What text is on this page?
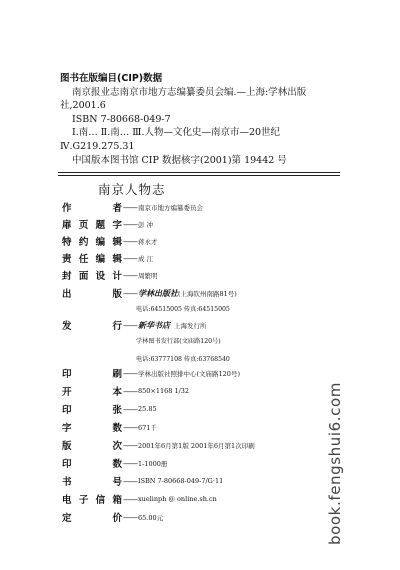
图书在版编目(CIP)数据
南京报业志南京市地方志编纂委员会编.—上海:学林出版
社,2001.6
ISBN 7-80668-049-7
Ⅰ.南… Ⅱ.南… Ⅲ.人物—文化史—南京市—20世纪
Ⅳ.G219.275.31
中国版本图书馆 CIP 数据核字(2001)第 19442 号
南京人物志
作	者 —— 南京市地方编纂委员会
扉 页 题 字 —— 彭 冲
特 约 编 辑 —— 蒋永才
责 任 编 辑 —— 成 江
封 面 设 计 —— 周繁明
出	版 —— 学林出版社 (上海钦州南路81号)
电话:64515005 传真:64515005
发	行 —— 新华书店 上海发行所
学林图书发行部(文庙路120号)
电话:63777108 传真:63768540
印	刷 —— 学林出版社照排中心(文庙路120号)
开	本 —— 850×1168 1/32
印	张 —— 25.85
字	数 —— 671千
版	次 —— 2001年6月第1版 2001年6月第1次印刷
印	数 —— 1-1000册
书	号 —— ISBN 7-80668-049-7/G·11
电 子 信 箱 —— xuelinph @ online.sh.cn
定	价 —— 65.00元	book.fengshui6.com
